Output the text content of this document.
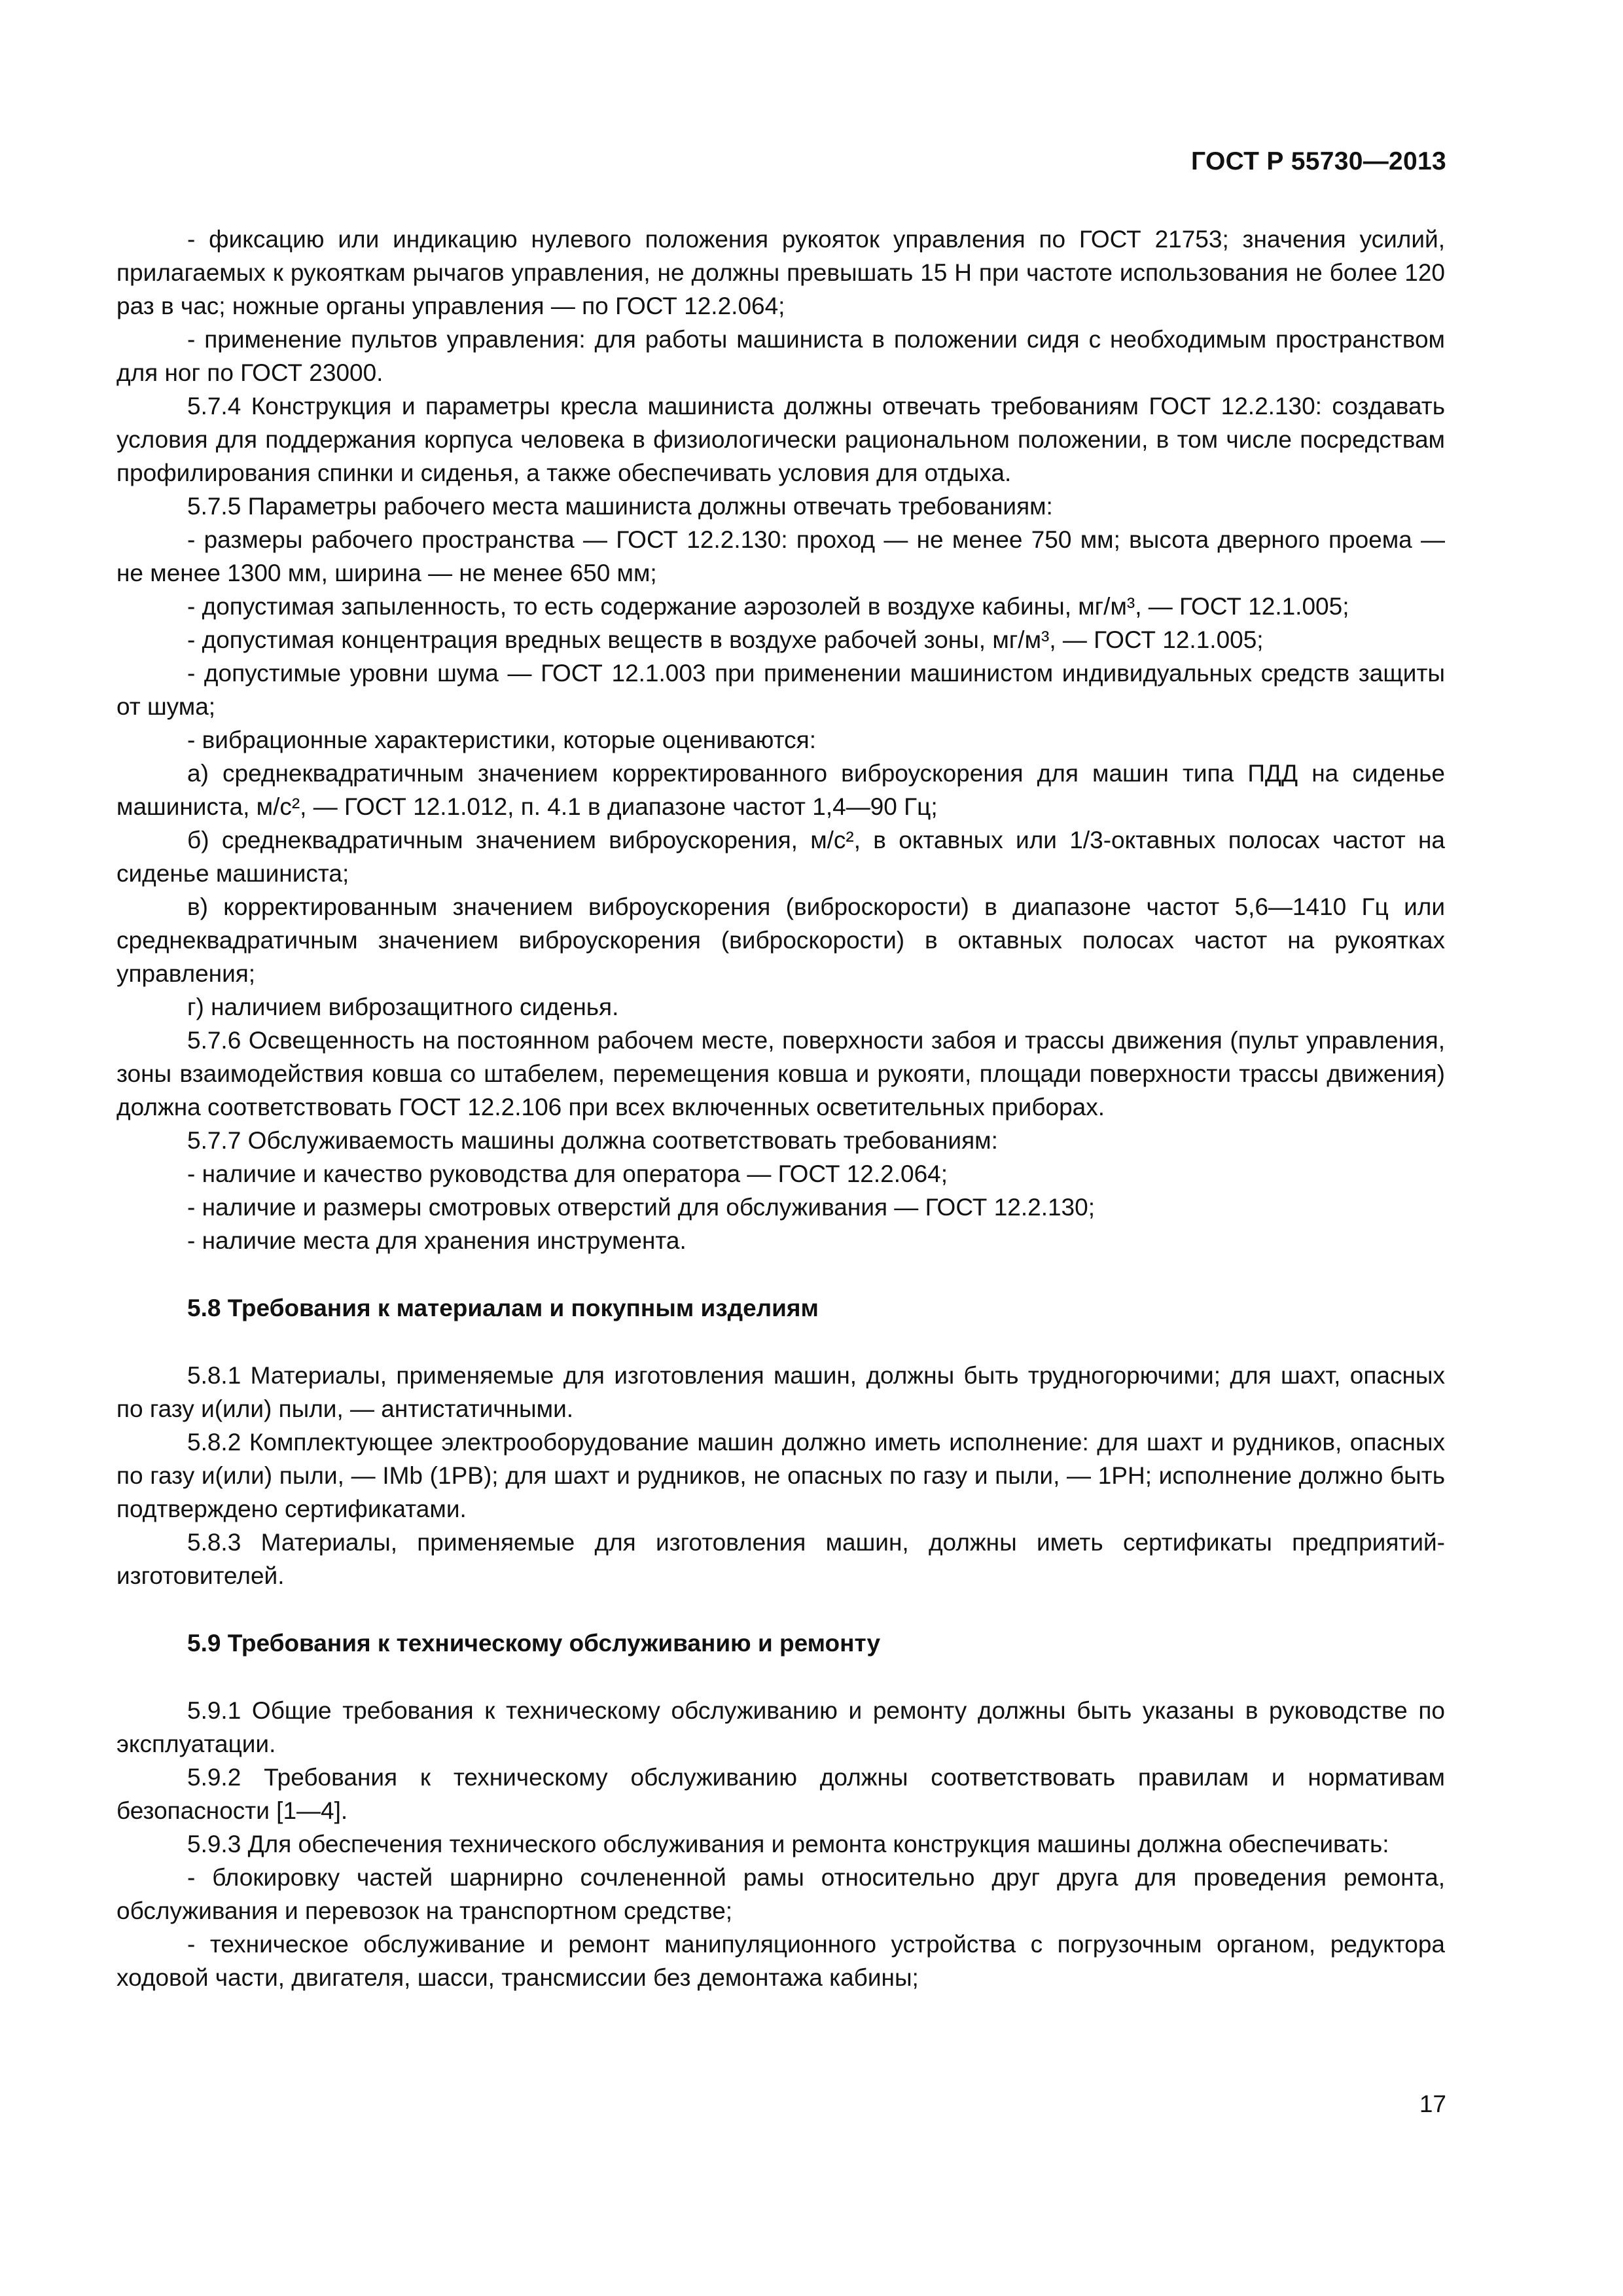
ГОСТ Р 55730—2013
- фиксацию или индикацию нулевого положения рукояток управления по ГОСТ 21753; значения усилий, прилагаемых к рукояткам рычагов управления, не должны превышать 15 Н при частоте использования не более 120 раз в час; ножные органы управления — по ГОСТ 12.2.064;
- применение пультов управления: для работы машиниста в положении сидя с необходимым пространством для ног по ГОСТ 23000.
5.7.4 Конструкция и параметры кресла машиниста должны отвечать требованиям ГОСТ 12.2.130: создавать условия для поддержания корпуса человека в физиологически рациональном положении, в том числе посредствам профилирования спинки и сиденья, а также обеспечивать условия для отдыха.
5.7.5 Параметры рабочего места машиниста должны отвечать требованиям:
- размеры рабочего пространства — ГОСТ 12.2.130: проход — не менее 750 мм; высота дверного проема — не менее 1300 мм, ширина — не менее 650 мм;
- допустимая запыленность, то есть содержание аэрозолей в воздухе кабины, мг/м³, — ГОСТ 12.1.005;
- допустимая концентрация вредных веществ в воздухе рабочей зоны, мг/м³, — ГОСТ 12.1.005;
- допустимые уровни шума — ГОСТ 12.1.003 при применении машинистом индивидуальных средств защиты от шума;
- вибрационные характеристики, которые оцениваются:
а) среднеквадратичным значением корректированного виброускорения для машин типа ПДД на сиденье машиниста, м/с², — ГОСТ 12.1.012, п. 4.1 в диапазоне частот 1,4—90 Гц;
б) среднеквадратичным значением виброускорения, м/с², в октавных или 1/3-октавных полосах частот на сиденье машиниста;
в) корректированным значением виброускорения (виброскорости) в диапазоне частот 5,6—1410 Гц или среднеквадратичным значением виброускорения (виброскорости) в октавных полосах частот на рукоятках управления;
г) наличием виброзащитного сиденья.
5.7.6 Освещенность на постоянном рабочем месте, поверхности забоя и трассы движения (пульт управления, зоны взаимодействия ковша со штабелем, перемещения ковша и рукояти, площади поверхности трассы движения) должна соответствовать ГОСТ 12.2.106 при всех включенных осветительных приборах.
5.7.7 Обслуживаемость машины должна соответствовать требованиям:
- наличие и качество руководства для оператора — ГОСТ 12.2.064;
- наличие и размеры смотровых отверстий для обслуживания — ГОСТ 12.2.130;
- наличие места для хранения инструмента.
5.8 Требования к материалам и покупным изделиям
5.8.1 Материалы, применяемые для изготовления машин, должны быть трудногорючими; для шахт, опасных по газу и(или) пыли, — антистатичными.
5.8.2 Комплектующее электрооборудование машин должно иметь исполнение: для шахт и рудников, опасных по газу и(или) пыли, — IMb (1РВ); для шахт и рудников, не опасных по газу и пыли, — 1РН; исполнение должно быть подтверждено сертификатами.
5.8.3 Материалы, применяемые для изготовления машин, должны иметь сертификаты предприятий-изготовителей.
5.9 Требования к техническому обслуживанию и ремонту
5.9.1 Общие требования к техническому обслуживанию и ремонту должны быть указаны в руководстве по эксплуатации.
5.9.2 Требования к техническому обслуживанию должны соответствовать правилам и нормативам безопасности [1—4].
5.9.3 Для обеспечения технического обслуживания и ремонта конструкция машины должна обеспечивать:
- блокировку частей шарнирно сочлененной рамы относительно друг друга для проведения ремонта, обслуживания и перевозок на транспортном средстве;
- техническое обслуживание и ремонт манипуляционного устройства с погрузочным органом, редуктора ходовой части, двигателя, шасси, трансмиссии без демонтажа кабины;
17
